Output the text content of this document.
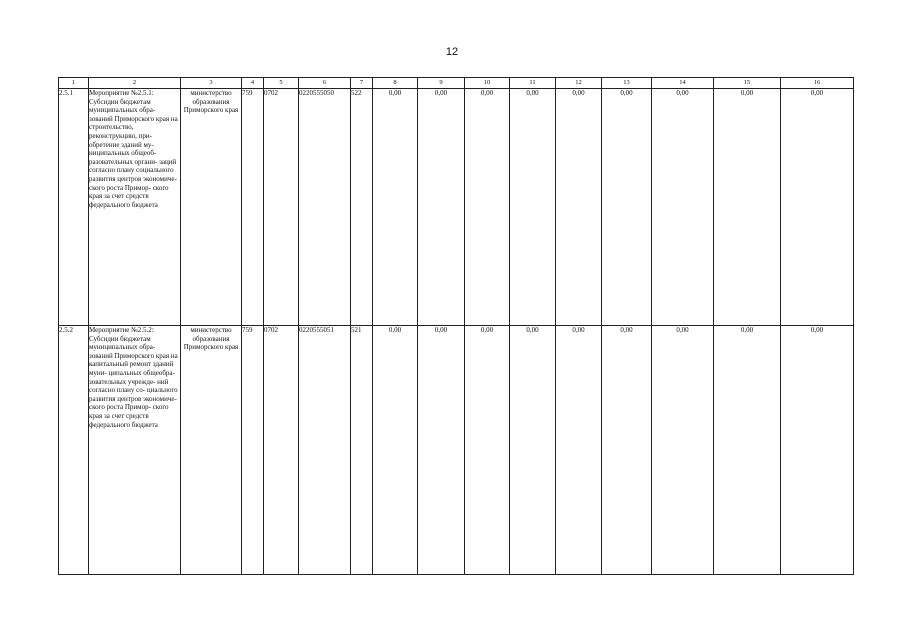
12
1	2	3	4	5	6	7	8	9	10	11	12	13	14	15	16
2.5.1	Мероприятие №2.5.1: Субсидии бюджетам муниципальных обра- зований Приморского края на строительство, реконструкцию, при- обретение зданий му- ниципальных общеоб- разовательных органи- заций согласно плану социального развития центров экономиче- ского роста Примор- ского края за счет средств федерального бюджета	министерство образования Приморского края	759	0702	0220555050	522	0,00	0,00	0,00	0,00	0,00	0,00	0,00	0,00	0,00
2.5.2	Мероприятие №2.5.2: Субсидии бюджетам муниципальных обра- зований Приморского края на капитальный ремонт зданий муни- ципальных общеобра- зовательных учрежде- ний согласно плану со- циального развития центров экономиче- ского роста Примор- ского края за счет средств федерального бюджета	министерство образования Приморского края	759	0702	0220555051	521	0,00	0,00	0,00	0,00	0,00	0,00	0,00	0,00	0,00
